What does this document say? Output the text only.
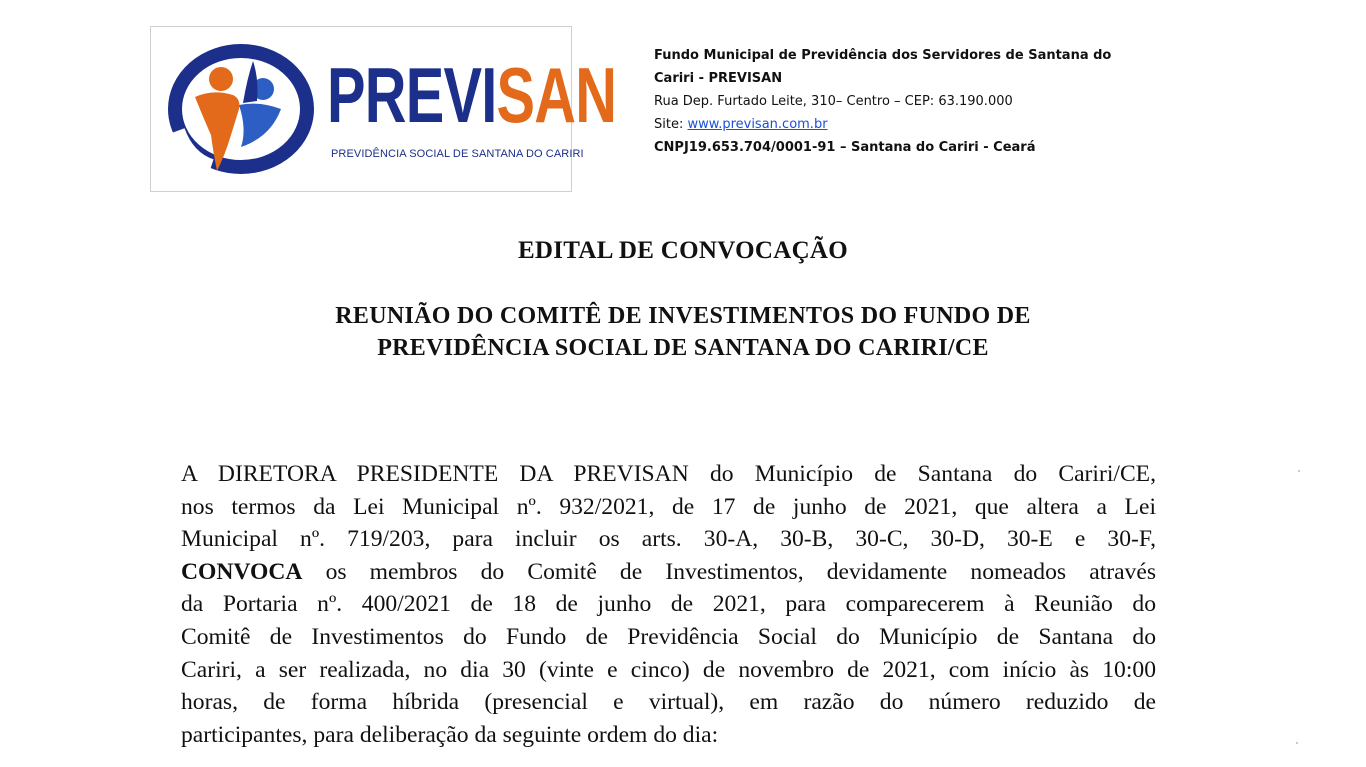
PREVISAN
PREVIDÊNCIA SOCIAL DE SANTANA DO CARIRI
Fundo Municipal de Previdência dos Servidores de Santana do
Cariri - PREVISAN
Rua Dep. Furtado Leite, 310– Centro – CEP: 63.190.000
Site: www.previsan.com.br
CNPJ19.653.704/0001-91 – Santana do Cariri - Ceará
EDITAL DE CONVOCAÇÃO
REUNIÃO DO COMITÊ DE INVESTIMENTOS DO FUNDO DE
PREVIDÊNCIA SOCIAL DE SANTANA DO CARIRI/CE
A DIRETORA PRESIDENTE DA PREVISAN do Município de Santana do Cariri/CE,
nos termos da Lei Municipal nº. 932/2021, de 17 de junho de 2021, que altera a Lei
Municipal nº. 719/203, para incluir os arts. 30-A, 30-B, 30-C, 30-D, 30-E e 30-F,
CONVOCA os membros do Comitê de Investimentos, devidamente nomeados através
da Portaria nº. 400/2021 de 18 de junho de 2021, para comparecerem à Reunião do
Comitê de Investimentos do Fundo de Previdência Social do Município de Santana do
Cariri, a ser realizada, no dia 30 (vinte e cinco) de novembro de 2021, com início às 10:00
horas, de forma híbrida (presencial e virtual), em razão do número reduzido de
participantes, para deliberação da seguinte ordem do dia:
